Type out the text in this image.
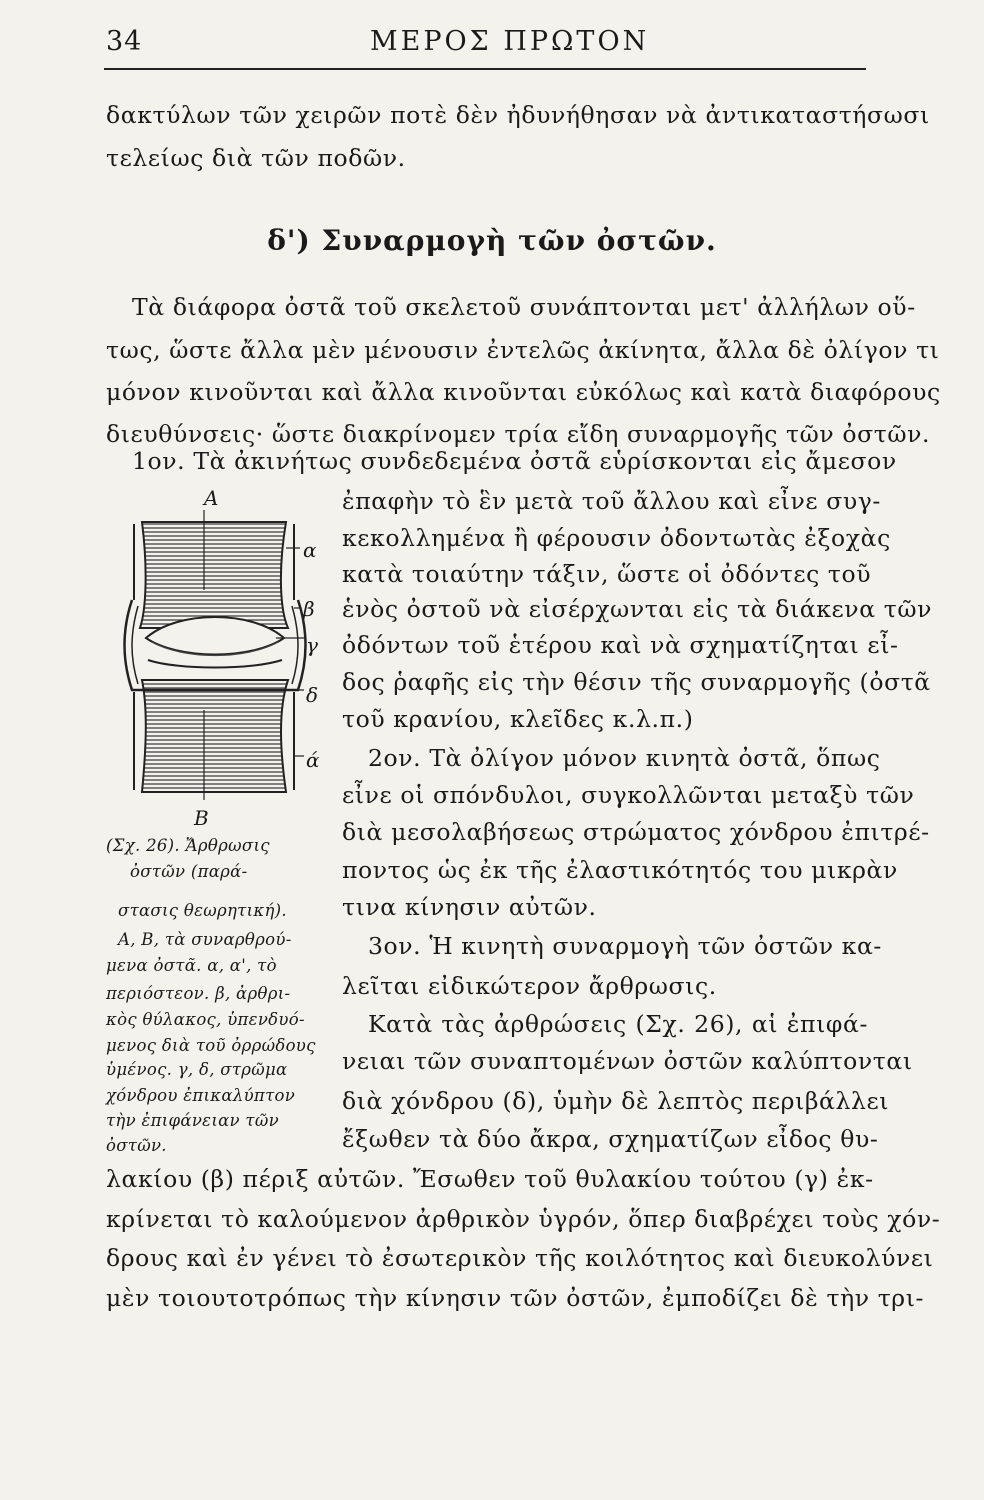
34	ΜΕΡΟΣ ΠΡΩΤΟΝ
δακτύλων τῶν χειρῶν ποτὲ δὲν ἠδυνήθησαν νὰ ἀντικαταστήσωσι
τελείως διὰ τῶν ποδῶν.
δ') Συναρμογὴ τῶν ὀστῶν.
Τὰ διάφορα ὀστᾶ τοῦ σκελετοῦ συνάπτονται μετ' ἀλλήλων οὕ-
τως, ὥστε ἄλλα μὲν μένουσιν ἐντελῶς ἀκίνητα, ἄλλα δὲ ὀλίγον τι
μόνον κινοῦνται καὶ ἄλλα κινοῦνται εὐκόλως καὶ κατὰ διαφόρους
διευθύνσεις· ὥστε διακρίνομεν τρία εἴδη συναρμογῆς τῶν ὀστῶν.
1ον. Τὰ ἀκινήτως συνδεδεμένα ὀστᾶ εὑρίσκονται εἰς ἄμεσον
ἐπαφὴν τὸ ἓν μετὰ τοῦ ἄλλου καὶ εἶνε συγ-
κεκολλημένα ἢ φέρουσιν ὀδοντωτὰς ἐξοχὰς
κατὰ τοιαύτην τάξιν, ὥστε οἱ ὀδόντες τοῦ
ἑνὸς ὀστοῦ νὰ εἰσέρχωνται εἰς τὰ διάκενα τῶν
ὀδόντων τοῦ ἑτέρου καὶ νὰ σχηματίζηται εἶ-
δος ῥαφῆς εἰς τὴν θέσιν τῆς συναρμογῆς (ὀστᾶ
τοῦ κρανίου, κλεῖδες κ.λ.π.)
2ον. Τὰ ὀλίγον μόνον κινητὰ ὀστᾶ, ὅπως
εἶνε οἱ σπόνδυλοι, συγκολλῶνται μεταξὺ τῶν
διὰ μεσολαβήσεως στρώματος χόνδρου ἐπιτρέ-
ποντος ὡς ἐκ τῆς ἐλαστικότητός του μικρὰν
τινα κίνησιν αὐτῶν.
3ον. Ἡ κινητὴ συναρμογὴ τῶν ὀστῶν κα-
λεῖται εἰδικώτερον ἄρθρωσις.
Κατὰ τὰς ἀρθρώσεις (Σχ. 26), αἱ ἐπιφά-
νειαι τῶν συναπτομένων ὀστῶν καλύπτονται
διὰ χόνδρου (δ), ὑμὴν δὲ λεπτὸς περιβάλλει
ἔξωθεν τὰ δύο ἄκρα, σχηματίζων εἶδος θυ-
λακίου (β) πέριξ αὐτῶν. Ἔσωθεν τοῦ θυλακίου τούτου (γ) ἐκ-
κρίνεται τὸ καλούμενον ἀρθρικὸν ὑγρόν, ὅπερ διαβρέχει τοὺς χόν-
δρους καὶ ἐν γένει τὸ ἐσωτερικὸν τῆς κοιλότητος καὶ διευκολύνει
μὲν τοιουτοτρόπως τὴν κίνησιν τῶν ὀστῶν, ἐμποδίζει δὲ τὴν τρι-
Α
Β
α
β
γ
δ
ά
(Σχ. 26). Ἄρθρωσις
ὀστῶν (παρά-
στασις θεωρητική).
Α, Β, τὰ συναρθρού-
μενα ὀστᾶ. α, α', τὸ
περιόστεον. β, ἀρθρι-
κὸς θύλακος, ὑπενδυό-
μενος διὰ τοῦ ὀρρώδους
ὑμένος. γ, δ, στρῶμα
χόνδρου ἐπικαλύπτον
τὴν ἐπιφάνειαν τῶν
ὀστῶν.
